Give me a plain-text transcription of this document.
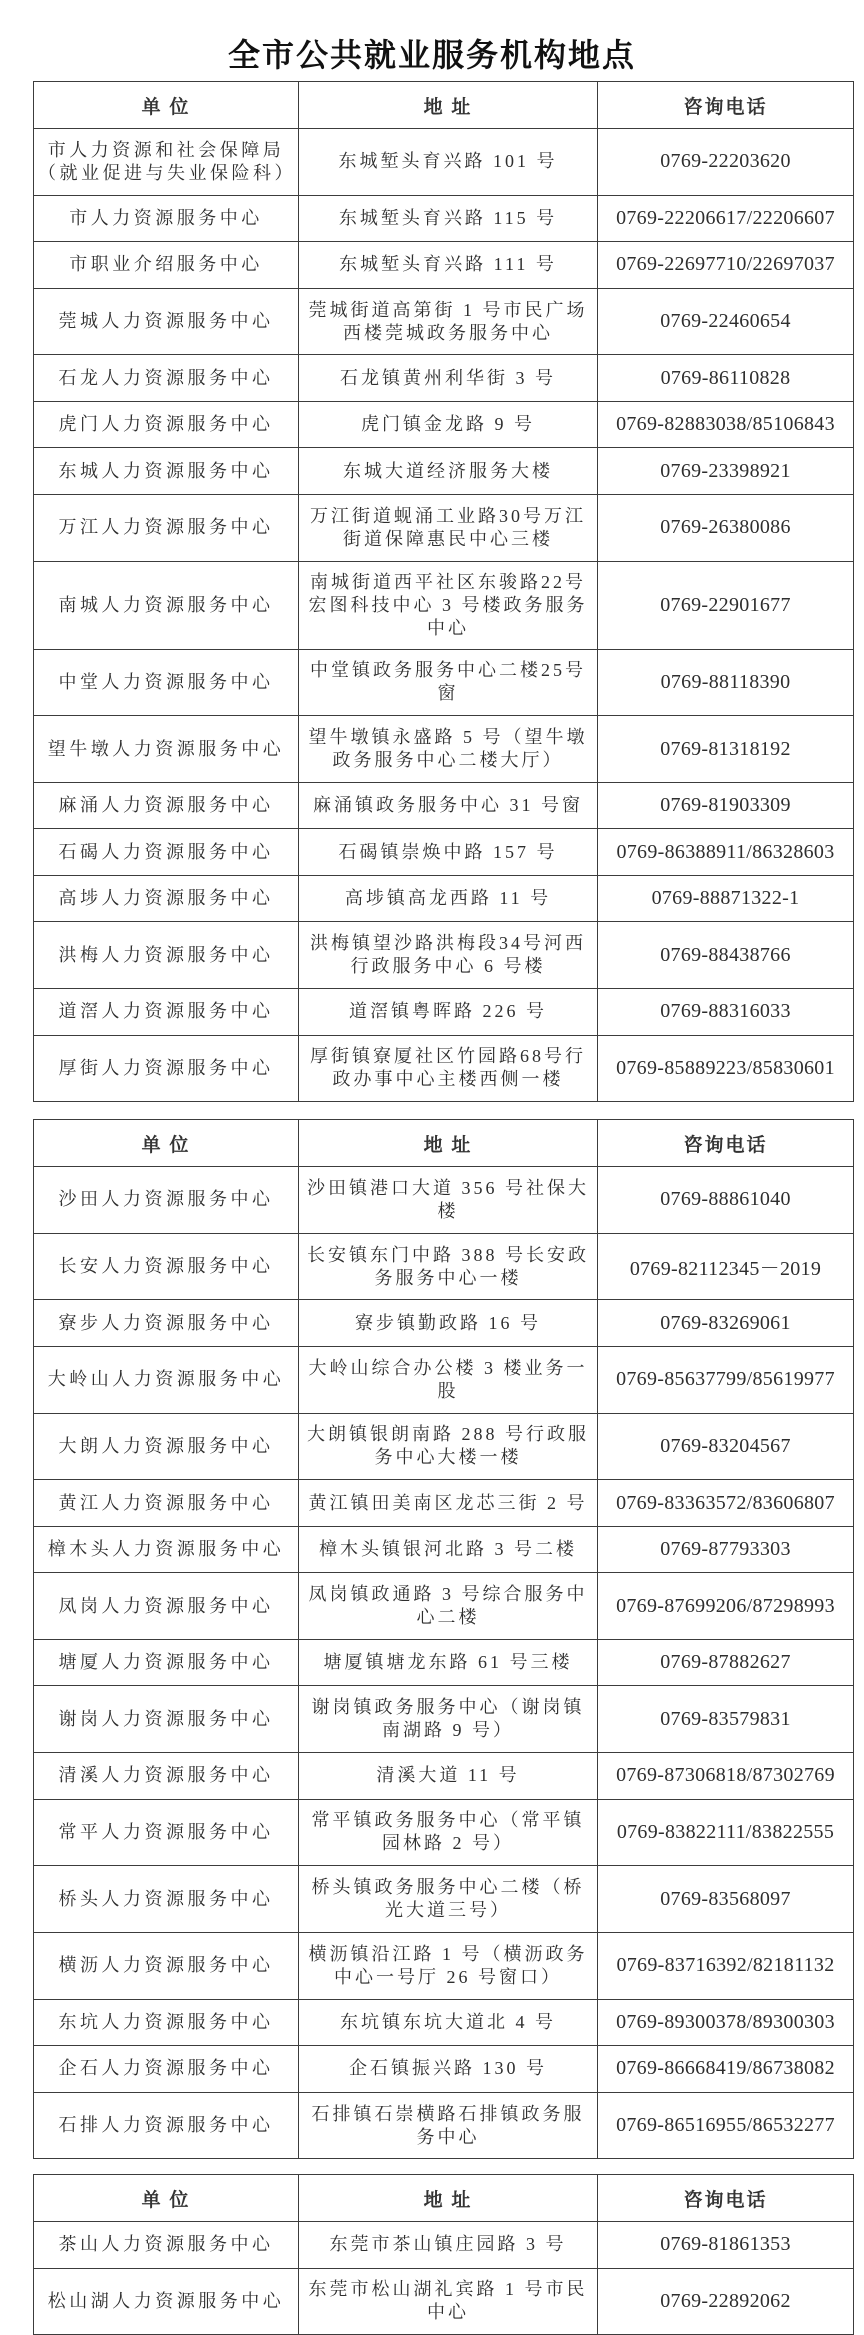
全市公共就业服务机构地点
单 位	地 址	咨询电话

市人力资源和社会保障局
（就业促进与失业保险科）	东城堑头育兴路 101 号	0769-22203620

市人力资源服务中心	东城堑头育兴路 115 号	0769-22206617/22206607

市职业介绍服务中心	东城堑头育兴路 111 号	0769-22697710/22697037

莞城人力资源服务中心	莞城街道高第街 1 号市民广场
西楼莞城政务服务中心	0769-22460654

石龙人力资源服务中心	石龙镇黄州利华街 3 号	0769-86110828

虎门人力资源服务中心	虎门镇金龙路 9 号	0769-82883038/85106843

东城人力资源服务中心	东城大道经济服务大楼	0769-23398921

万江人力资源服务中心	万江街道蚬涌工业路30号万江
街道保障惠民中心三楼	0769-26380086

南城人力资源服务中心	南城街道西平社区东骏路22号
宏图科技中心 3 号楼政务服务
中心	0769-22901677

中堂人力资源服务中心	中堂镇政务服务中心二楼25号
窗	0769-88118390

望牛墩人力资源服务中心	望牛墩镇永盛路 5 号（望牛墩
政务服务中心二楼大厅）	0769-81318192

麻涌人力资源服务中心	麻涌镇政务服务中心 31 号窗	0769-81903309

石碣人力资源服务中心	石碣镇崇焕中路 157 号	0769-86388911/86328603

高埗人力资源服务中心	高埗镇高龙西路 11 号	0769-88871322-1

洪梅人力资源服务中心	洪梅镇望沙路洪梅段34号河西
行政服务中心 6 号楼	0769-88438766

道滘人力资源服务中心	道滘镇粤晖路 226 号	0769-88316033

厚街人力资源服务中心	厚街镇寮厦社区竹园路68号行
政办事中心主楼西侧一楼	0769-85889223/85830601
单 位	地 址	咨询电话

沙田人力资源服务中心	沙田镇港口大道 356 号社保大
楼	0769-88861040

长安人力资源服务中心	长安镇东门中路 388 号长安政
务服务中心一楼	0769-82112345－2019

寮步人力资源服务中心	寮步镇勤政路 16 号	0769-83269061

大岭山人力资源服务中心	大岭山综合办公楼 3 楼业务一
股	0769-85637799/85619977

大朗人力资源服务中心	大朗镇银朗南路 288 号行政服
务中心大楼一楼	0769-83204567

黄江人力资源服务中心	黄江镇田美南区龙芯三街 2 号	0769-83363572/83606807

樟木头人力资源服务中心	樟木头镇银河北路 3 号二楼	0769-87793303

凤岗人力资源服务中心	凤岗镇政通路 3 号综合服务中
心二楼	0769-87699206/87298993

塘厦人力资源服务中心	塘厦镇塘龙东路 61 号三楼	0769-87882627

谢岗人力资源服务中心	谢岗镇政务服务中心（谢岗镇
南湖路 9 号）	0769-83579831

清溪人力资源服务中心	清溪大道 11 号	0769-87306818/87302769

常平人力资源服务中心	常平镇政务服务中心（常平镇
园林路 2 号）	0769-83822111/83822555

桥头人力资源服务中心	桥头镇政务服务中心二楼（桥
光大道三号）	0769-83568097

横沥人力资源服务中心	横沥镇沿江路 1 号（横沥政务
中心一号厅 26 号窗口）	0769-83716392/82181132

东坑人力资源服务中心	东坑镇东坑大道北 4 号	0769-89300378/89300303

企石人力资源服务中心	企石镇振兴路 130 号	0769-86668419/86738082

石排人力资源服务中心	石排镇石崇横路石排镇政务服
务中心	0769-86516955/86532277
单 位	地 址	咨询电话

茶山人力资源服务中心	东莞市茶山镇庄园路 3 号	0769-81861353

松山湖人力资源服务中心	东莞市松山湖礼宾路 1 号市民
中心	0769-22892062
